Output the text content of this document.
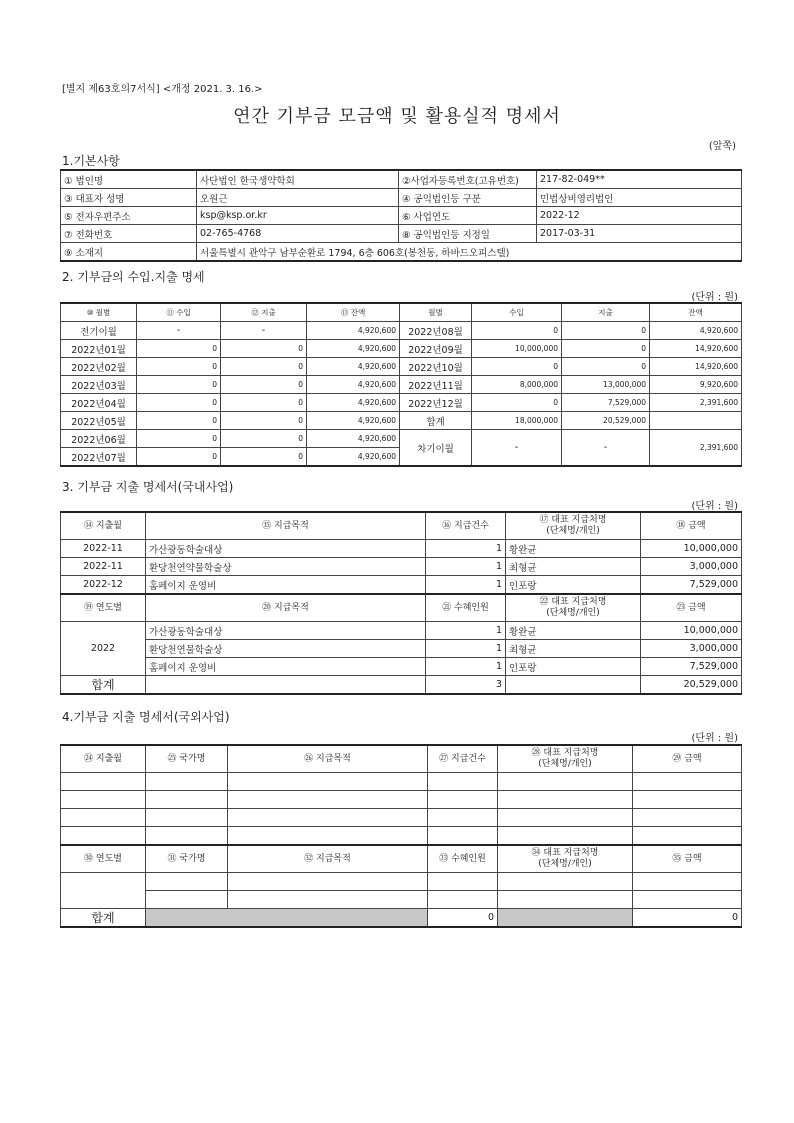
[별지 제63호의7서식] <개정 2021. 3. 16.>
연간 기부금 모금액 및 활용실적 명세서
(앞쪽)
1.기본사항
① 법인명	사단법인 한국생약학회	②사업자등록번호(고유번호)	217-82-049**
③ 대표자 성명	오원근	④ 공익법인등 구분	민법상비영리법인
⑤ 전자우편주소	ksp@ksp.or.kr	⑥ 사업연도	2022-12
⑦ 전화번호	02-765-4768	⑧ 공익법인등 지정일	2017-03-31
⑨ 소재지	서울특별시 관악구 남부순환로 1794, 6층 606호(봉천동, 하바드오피스텔)		
2. 기부금의 수입.지출 명세
(단위 : 원)
⑩ 월별	⑪ 수입	⑫ 지출	⑬ 잔액	월별	수입	지출	잔액
전기이월	-	-	4,920,600	2022년08월	0	0	4,920,600
2022년01월	0	0	4,920,600	2022년09월	10,000,000	0	14,920,600
2022년02월	0	0	4,920,600	2022년10월	0	0	14,920,600
2022년03월	0	0	4,920,600	2022년11월	8,000,000	13,000,000	9,920,600
2022년04월	0	0	4,920,600	2022년12월	0	7,529,000	2,391,600
2022년05월	0	0	4,920,600	합계	18,000,000	20,529,000	
2022년06월	0	0	4,920,600	차기이월	-	-	2,391,600
2022년07월	0	0	4,920,600				
3. 기부금 지출 명세서(국내사업)
(단위 : 원)
⑭ 지출월	⑮ 지급목적	⑯ 지급건수	⑰ 대표 지급처명
(단체명/개인)	⑱ 금액
2022-11	가산광동학술대상	1	황완균	10,000,000
2022-11	환당천연약물학술상	1	최형균	3,000,000
2022-12	홈페이지 운영비	1	인포랑	7,529,000
⑲ 연도별	⑳ 지급목적	㉑ 수혜인원	㉒ 대표 지급처명
(단체명/개인)	㉓ 금액
2022	가산광동학술대상	1	황완균	10,000,000
	환당천연물학술상	1	최형균	3,000,000
	홈페이지 운영비	1	인포랑	7,529,000
합계		3		20,529,000
4.기부금 지출 명세서(국외사업)
(단위 : 원)
㉔ 지출월	㉕ 국가명	㉖ 지급목적	㉗ 지급건수	㉘ 대표 지급처명
(단체명/개인)	㉙ 금액

㉚ 연도별	㉛ 국가명	㉜ 지급목적	㉝ 수혜인원	㉞ 대표 지급처명
(단체명/개인)	㉟ 금액

합계			0		0
